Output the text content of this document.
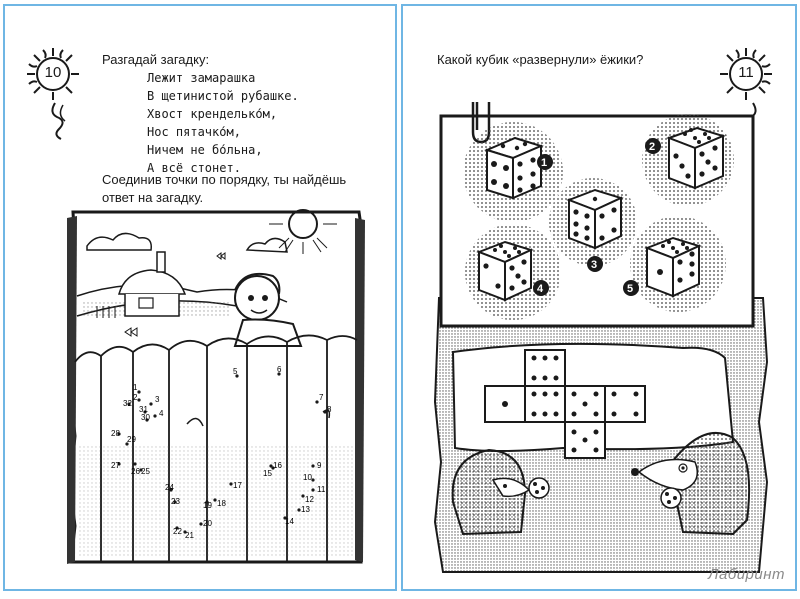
10
Разгадай загадку:
Лежит замарашка
В щетинистой рубашке.
Хвост кренделько́м,
Нос пятачко́м,
Ничем не бо́льна,
А всё стонет.
Соединив точки по порядку, ты найдёшь
ответ на загадку.
1
2 3
4
5	6
7
8
9
10
11
12
13
14
15
16
17
18
19
20
21
22
23
24
25
26
27
28
29
30
31
32
Какой кубик «развернули» ёжики?
11
1
2
3
4	5
Лабиринт
